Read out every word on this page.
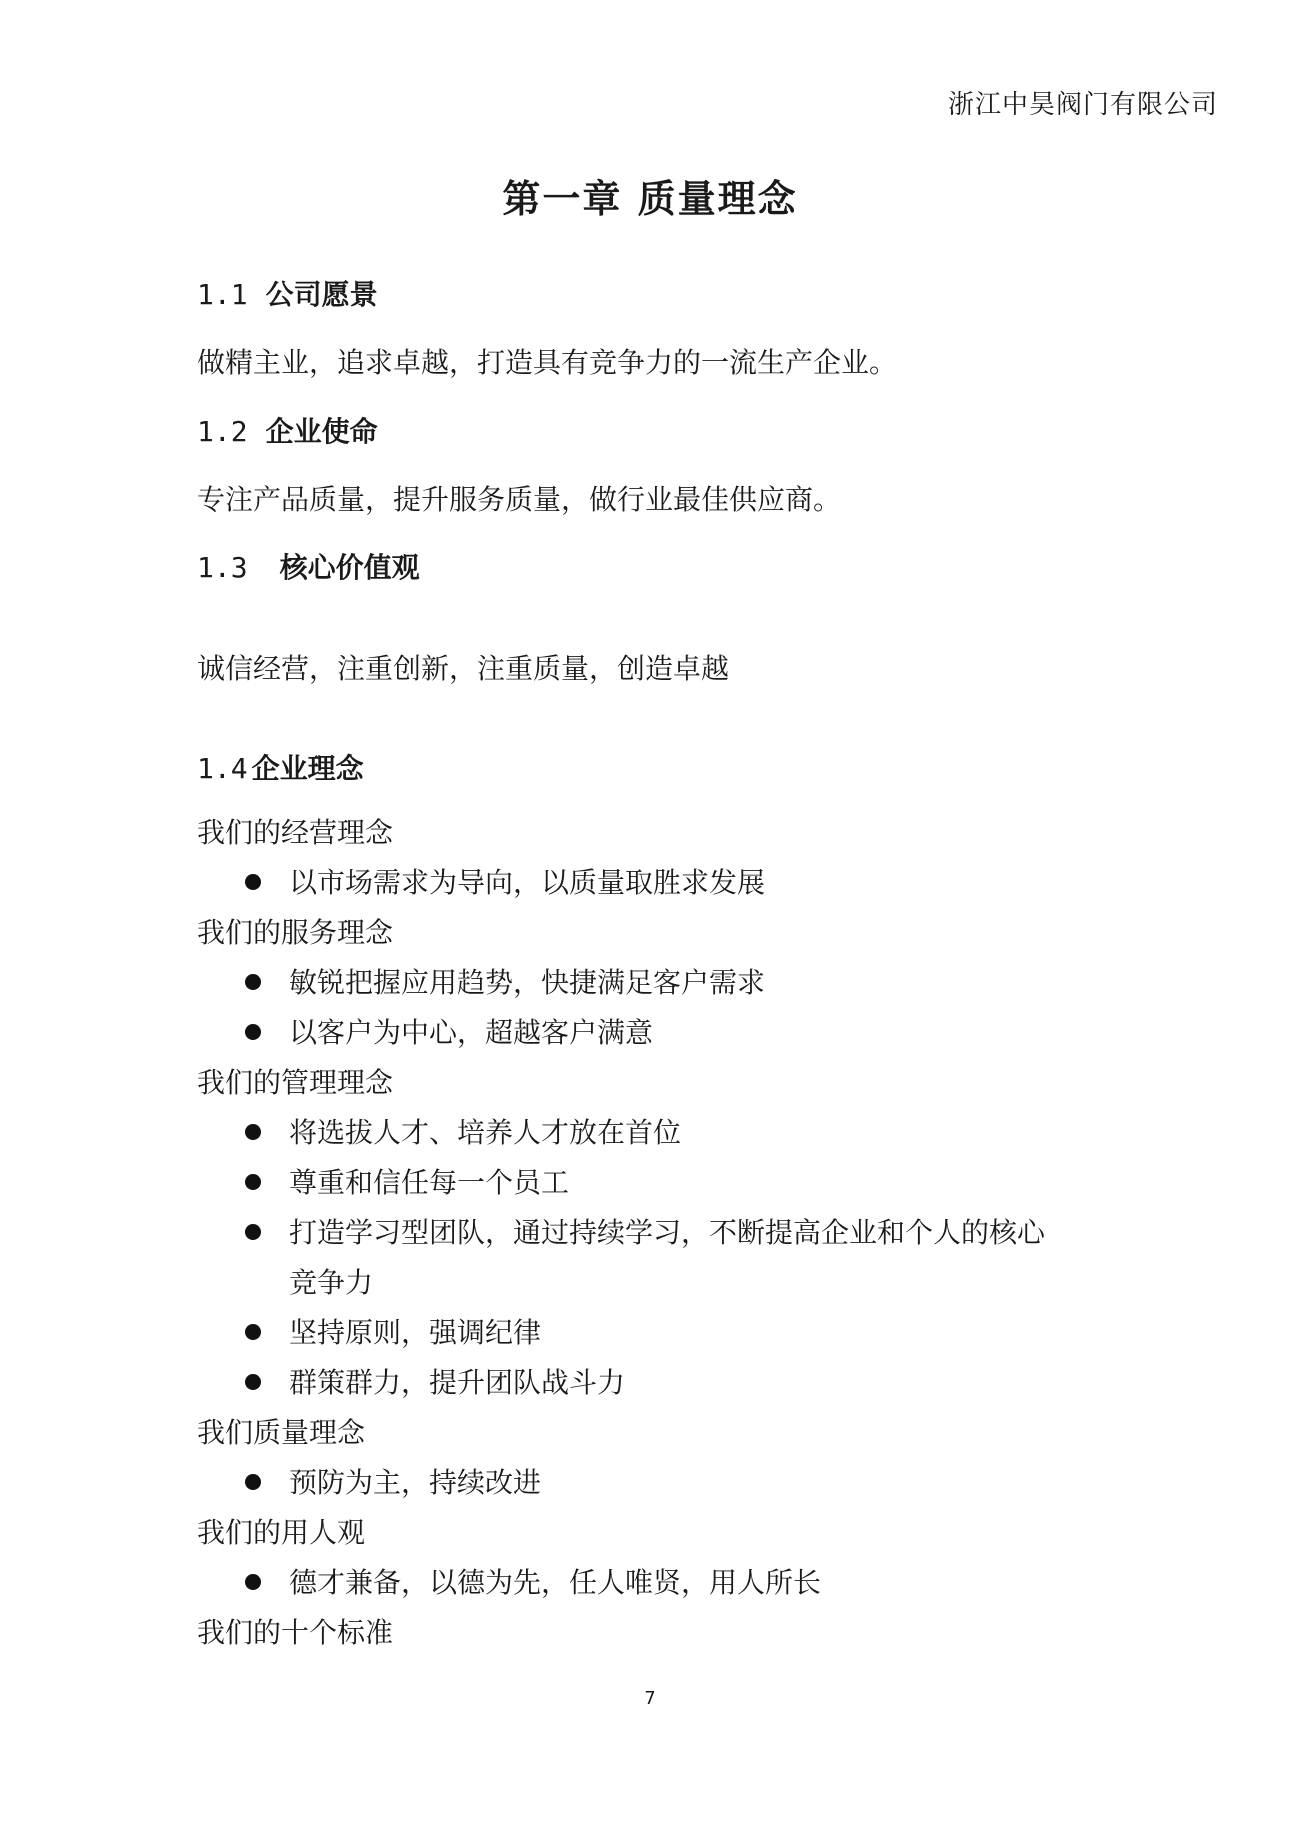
浙江中昊阀门有限公司
第一章 质量理念
1.1 公司愿景
做精主业，追求卓越，打造具有竞争力的一流生产企业。
1.2 企业使命
专注产品质量，提升服务质量，做行业最佳供应商。
1.3 核心价值观
诚信经营，注重创新，注重质量，创造卓越
1.4 企业理念
我们的经营理念
以市场需求为导向，以质量取胜求发展
我们的服务理念
敏锐把握应用趋势，快捷满足客户需求
以客户为中心，超越客户满意
我们的管理理念
将选拔人才、培养人才放在首位
尊重和信任每一个员工
打造学习型团队，通过持续学习，不断提高企业和个人的核心
竞争力
坚持原则，强调纪律
群策群力，提升团队战斗力
我们质量理念
预防为主，持续改进
我们的用人观
德才兼备，以德为先，任人唯贤，用人所长
我们的十个标准
7
